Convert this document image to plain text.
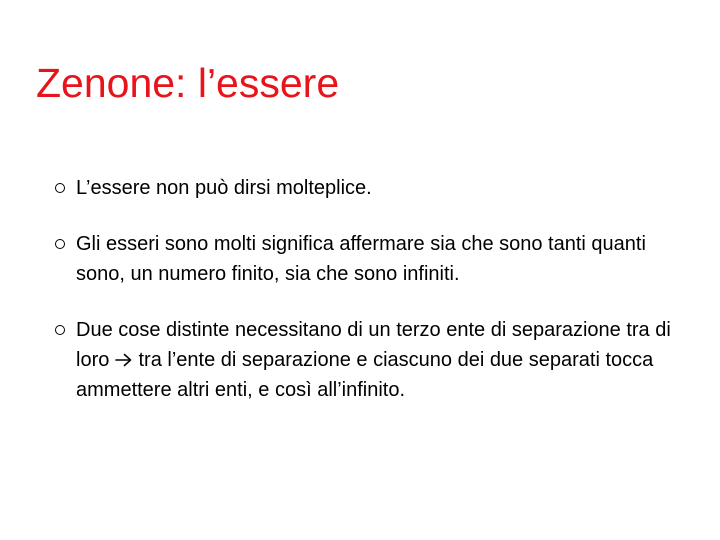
Zenone: l’essere
L’essere non può dirsi molteplice.
Gli esseri sono molti significa affermare sia che sono tanti quanti sono, un numero finito, sia che sono infiniti.
Due cose distinte necessitano di un terzo ente di separazione tra di loro tra l’ente di separazione e ciascuno dei due separati tocca ammettere altri enti, e così all’infinito.
